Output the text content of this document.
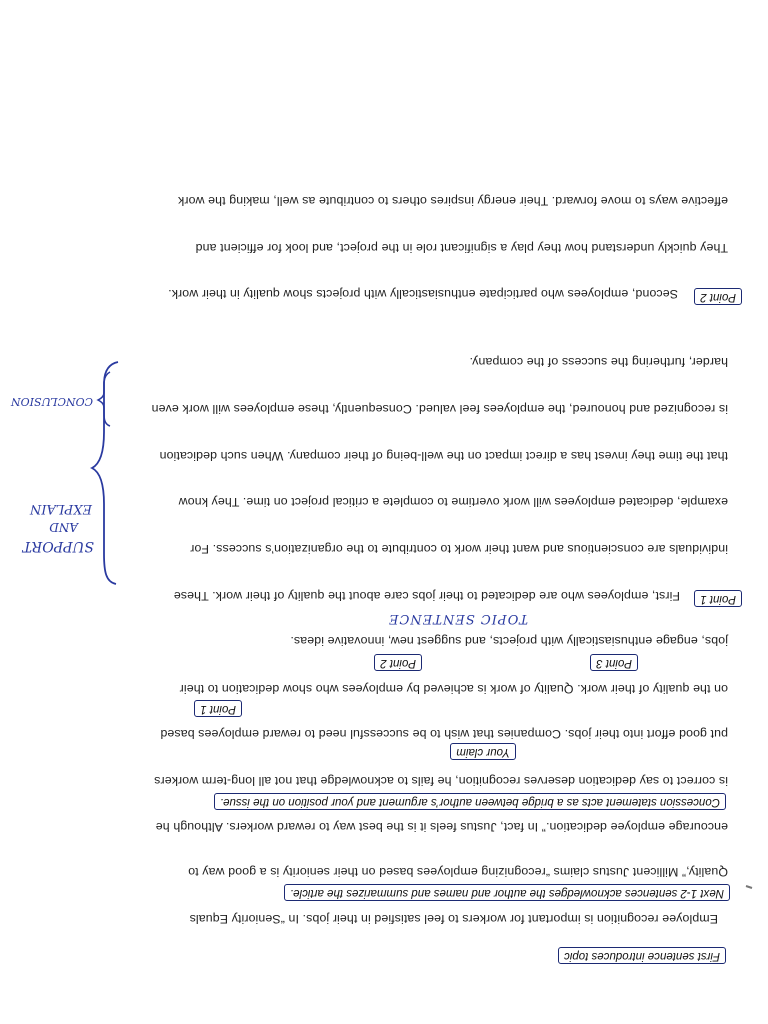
First sentence introduces topic
Employee recognition is important for workers to feel satisfied in their jobs. In “Seniority Equals
Next 1-2 sentences acknowledges the author and names and summarizes the article.
Quality,” Millicent Justus claims “recognizing employees based on their seniority is a good way to
encourage employee dedication.” In fact, Justus feels it is the best way to reward workers. Although he
Concession statement acts as a bridge between author’s argument and your position on the issue.
is correct to say dedication deserves recognition, he fails to acknowledge that not all long-term workers
Your claim
put good effort into their jobs. Companies that wish to be successful need to reward employees based
Point 1
on the quality of their work. Quality of work is achieved by employees who show dedication to their
Point 2	Point 3
jobs, engage enthusiastically with projects, and suggest new, innovative ideas.
TOPIC SENTENCE
Point 1
First, employees who are dedicated to their jobs care about the quality of their work. These
individuals are conscientious and want their work to contribute to the organization’s success. For
example, dedicated employees will work overtime to complete a critical project on time. They know
that the time they invest has a direct impact on the well-being of their company. When such dedication
is recognized and honoured, the employees feel valued. Consequently, these employees will work even
harder, furthering the success of the company.
Point 2
Second, employees who participate enthusiastically with projects show quality in their work.
They quickly understand how they play a significant role in the project, and look for efficient and
effective ways to move forward. Their energy inspires others to contribute as well, making the work
SUPPORT
AND
EXPLAIN
CONCLUSION
